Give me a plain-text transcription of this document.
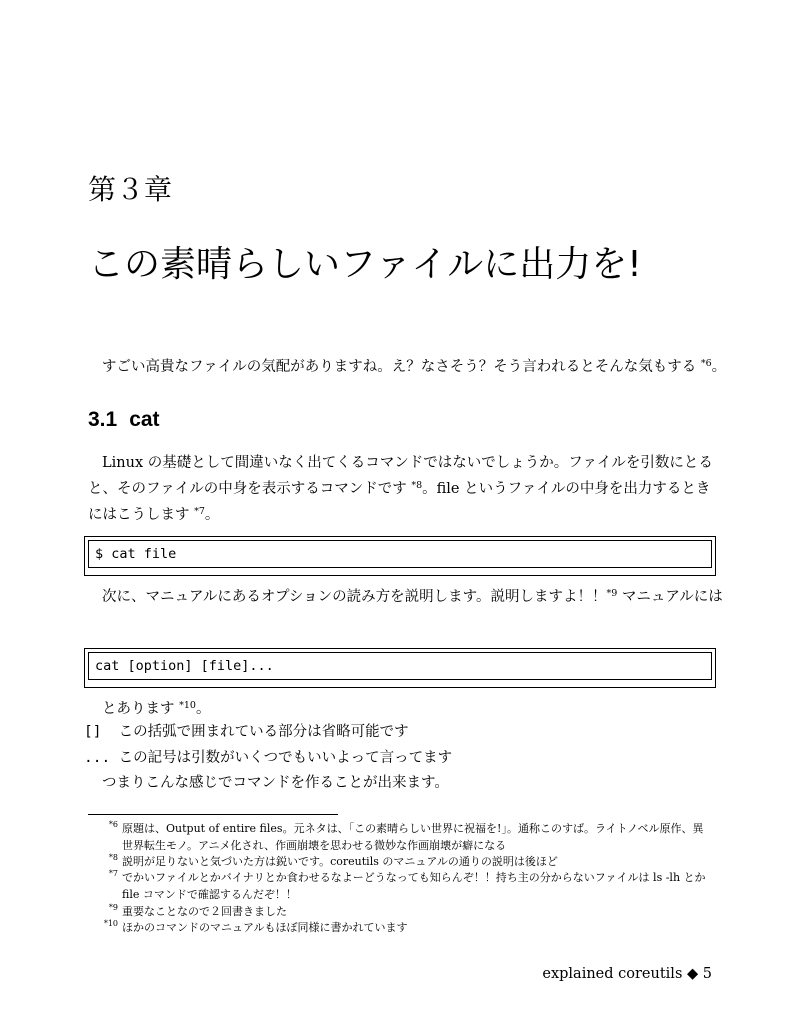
第３章
この素晴らしいファイルに出力を!
すごい高貴なファイルの気配がありますね。え？なさそう？そう言われるとそんな気もする $^{*6}$。
3.1 cat
Linux の基礎として間違いなく出てくるコマンドではないでしょうか。ファイルを引数にとると、そのファイルの中身を表示するコマンドです $^{*8}$。file というファイルの中身を出力するときにはこうします $^{*7}$。
$ cat file
次に、マニュアルにあるオプションの読み方を説明します。説明しますよ！！$^{*9}$ マニュアルには
cat [option] [file]...
とあります $^{*10}$。
[] この括弧で囲まれている部分は省略可能です
... この記号は引数がいくつでもいいよって言ってます
つまりこんな感じでコマンドを作ることが出来ます。
$^{*6}$ 原題は、Output of entire files。元ネタは、「この素晴らしい世界に祝福を!」。通称このすば。ライトノベル原作、異世界転生モノ。アニメ化され、作画崩壊を思わせる微妙な作画崩壊が癖になる
$^{*8}$ 説明が足りないと気づいた方は鋭いです。coreutils のマニュアルの通りの説明は後ほど
$^{*7}$ でかいファイルとかバイナリとか食わせるなよーどうなっても知らんぞ！！持ち主の分からないファイルは ls -lh とか file コマンドで確認するんだぞ！！
$^{*9}$ 重要なことなので２回書きました
$^{*10}$ ほかのコマンドのマニュアルもほぼ同様に書かれています
explained coreutils ◆ 5
